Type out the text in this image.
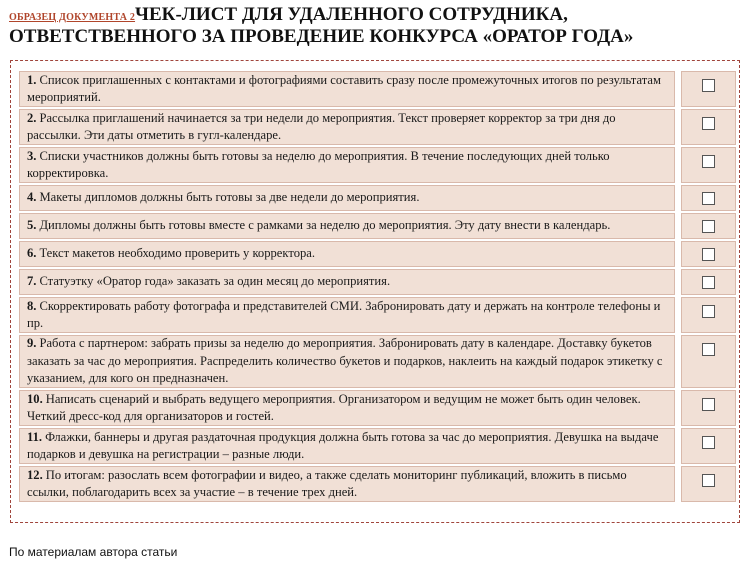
ОБРАЗЕЦ ДОКУМЕНТА 2ЧЕК-ЛИСТ ДЛЯ УДАЛЕННОГО СОТРУДНИКА,
ОТВЕТСТВЕННОГО ЗА ПРОВЕДЕНИЕ КОНКУРСА «ОРАТОР ГОДА»
1. Список приглашенных с контактами и фотографиями составить сразу после промежуточных итогов по результатам мероприятий.
2. Рассылка приглашений начинается за три недели до мероприятия. Текст проверяет корректор за три дня до рассылки. Эти даты отметить в гугл-календаре.
3. Списки участников должны быть готовы за неделю до мероприятия. В течение последующих дней только корректировка.
4. Макеты дипломов должны быть готовы за две недели до мероприятия.
5. Дипломы должны быть готовы вместе с рамками за неделю до мероприятия. Эту дату внести в календарь.
6. Текст макетов необходимо проверить у корректора.
7. Статуэтку «Оратор года» заказать за один месяц до мероприятия.
8. Скорректировать работу фотографа и представителей СМИ. Забронировать дату и держать на контроле телефоны и пр.
9. Работа с партнером: забрать призы за неделю до мероприятия. Забронировать дату в календаре. Доставку букетов заказать за час до мероприятия. Распределить количество букетов и подарков, наклеить на каждый подарок этикетку с указанием, для кого он предназначен.
10. Написать сценарий и выбрать ведущего мероприятия. Организатором и ведущим не может быть один человек. Четкий дресс-код для организаторов и гостей.
11. Флажки, баннеры и другая раздаточная продукция должна быть готова за час до мероприятия. Девушка на выдаче подарков и девушка на регистрации – разные люди.
12. По итогам: разослать всем фотографии и видео, а также сделать мониторинг публикаций, вложить в письмо ссылки, поблагодарить всех за участие – в течение трех дней.
По материалам автора статьи
